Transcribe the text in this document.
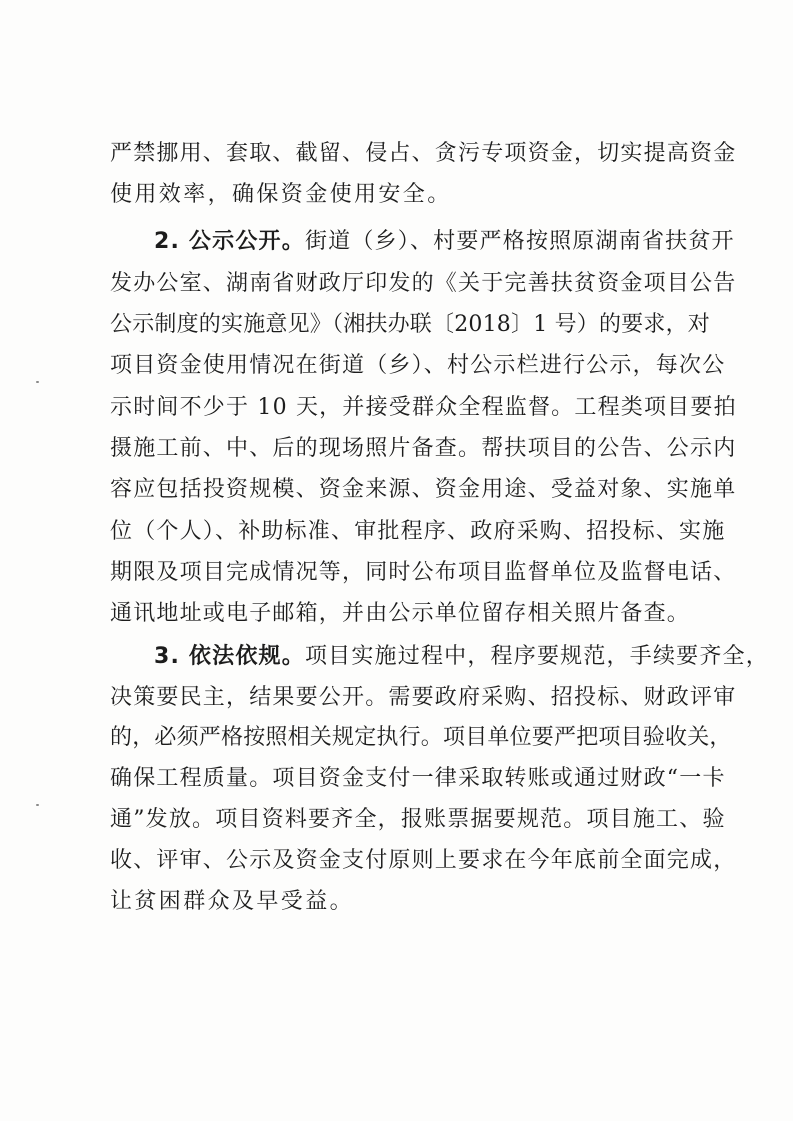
严禁挪用、套取、截留、侵占、贪污专项资金，切实提高资金
使用效率，确保资金使用安全。
2. 公示公开。街道（乡）、村要严格按照原湖南省扶贫开
发办公室、湖南省财政厅印发的《关于完善扶贫资金项目公告
公示制度的实施意见》（湘扶办联〔2018〕1 号）的要求，对
项目资金使用情况在街道（乡）、村公示栏进行公示，每次公
示时间不少于 10 天，并接受群众全程监督。工程类项目要拍
摄施工前、中、后的现场照片备查。帮扶项目的公告、公示内
容应包括投资规模、资金来源、资金用途、受益对象、实施单
位（个人）、补助标准、审批程序、政府采购、招投标、实施
期限及项目完成情况等，同时公布项目监督单位及监督电话、
通讯地址或电子邮箱，并由公示单位留存相关照片备查。
3. 依法依规。项目实施过程中，程序要规范，手续要齐全，
决策要民主，结果要公开。需要政府采购、招投标、财政评审
的，必须严格按照相关规定执行。项目单位要严把项目验收关，
确保工程质量。项目资金支付一律采取转账或通过财政“一卡
通”发放。项目资料要齐全，报账票据要规范。项目施工、验
收、评审、公示及资金支付原则上要求在今年底前全面完成，
让贫困群众及早受益。
